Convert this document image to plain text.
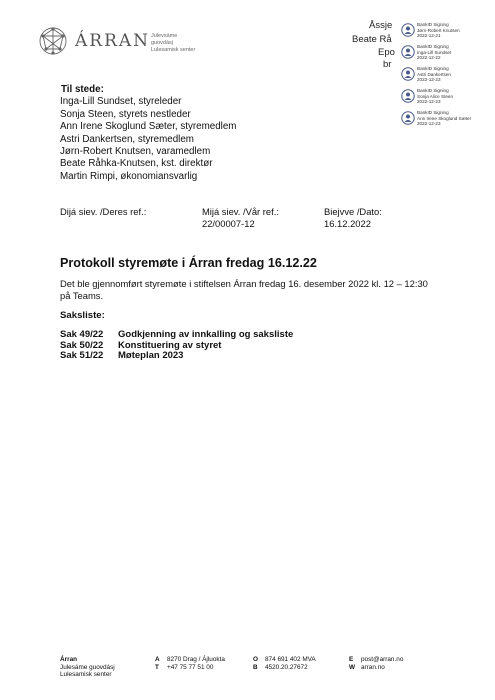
ÁRRAN Julevsáme guovdásj
Lulesamisk senter
Åssje
Beate Rå
Epo
br
BankID Signing
Jørn-Robert Knutsen
2022-12-21
BankID Signing
Inga-Lill Sundset
2022-12-22
BankID Signing
Astri Dankertsen
2022-12-23
BankID Signing
Sonja Alice Steen
2022-12-23
BankID Signing
Ann Irene Skoglund Sæter
2022-12-23
Til stede:
Inga-Lill Sundset, styreleder
Sonja Steen, styrets nestleder
Ann Irene Skoglund Sæter, styremedlem
Astri Dankertsen, styremedlem
Jørn-Robert Knutsen, varamedlem
Beate Råhka-Knutsen, kst. direktør
Martin Rimpi, økonomiansvarlig
Dijá siev. /Deres ref.:	Mijá siev. /Vår ref.:
22/00007-12
Biejvve /Dato:
16.12.2022
Protokoll styremøte i Árran fredag 16.12.22
Det ble gjennomført styremøte i stiftelsen Árran fredag 16. desember 2022 kl. 12 – 12:30 på Teams.
Saksliste:
Sak 49/22 Godkjenning av innkalling og saksliste
Sak 50/22 Konstituering av styret
Sak 51/22 Møteplan 2023
Árran
Julesáme guovdásj
Lulesamisk senter
A 8270 Drag / Ájluokta
T +47 75 77 51 00
O 874 691 402 MVA
B 4520.20.27672
E post@arran.no
W arran.no
